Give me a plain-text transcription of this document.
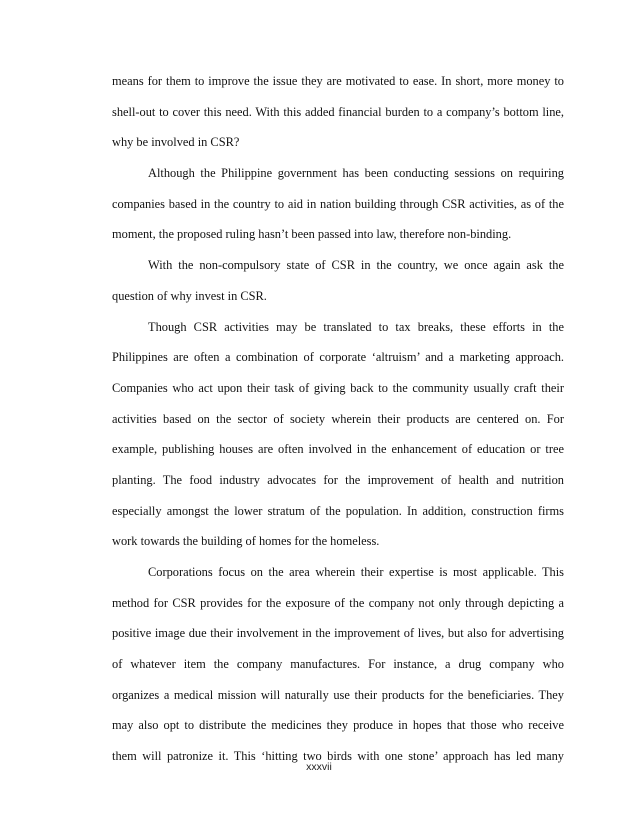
means for them to improve the issue they are motivated to ease. In short, more money to
shell-out to cover this need. With this added financial burden to a company’s bottom line,
why be involved in CSR?
Although the Philippine government has been conducting sessions on requiring
companies based in the country to aid in nation building through CSR activities, as of the
moment, the proposed ruling hasn’t been passed into law, therefore non-binding.
With the non-compulsory state of CSR in the country, we once again ask the
question of why invest in CSR.
Though CSR activities may be translated to tax breaks, these efforts in the
Philippines are often a combination of corporate ‘altruism’ and a marketing approach.
Companies who act upon their task of giving back to the community usually craft their
activities based on the sector of society wherein their products are centered on. For
example, publishing houses are often involved in the enhancement of education or tree
planting. The food industry advocates for the improvement of health and nutrition
especially amongst the lower stratum of the population. In addition, construction firms
work towards the building of homes for the homeless.
Corporations focus on the area wherein their expertise is most applicable. This
method for CSR provides for the exposure of the company not only through depicting a
positive image due their involvement in the improvement of lives, but also for advertising
of whatever item the company manufactures. For instance, a drug company who
organizes a medical mission will naturally use their products for the beneficiaries. They
may also opt to distribute the medicines they produce in hopes that those who receive
them will patronize it. This ‘hitting two birds with one stone’ approach has led many
xxxvii
